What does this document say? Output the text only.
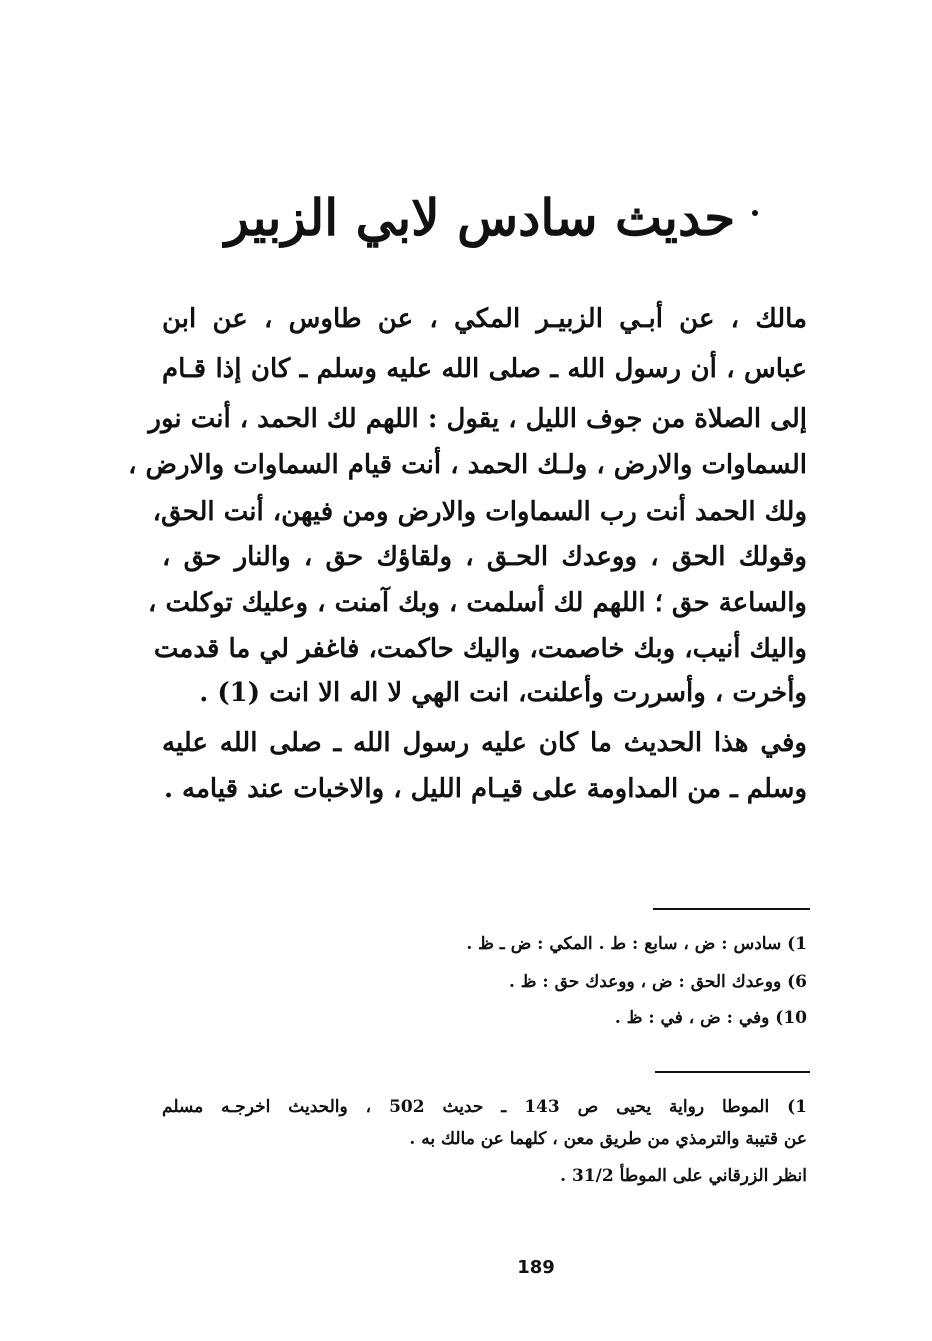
حديث سادس لابي الزبير
مالك ، عن أبـي الزبيـر المكي ، عن طاوس ، عن ابن
عباس ، أن رسول الله ـ صلى الله عليه وسلم ـ كان إذا قـام
إلى الصلاة من جوف الليل ، يقول : اللهم لك الحمد ، أنت نور
السماوات والارض ، ولـك الحمد ، أنت قيام السماوات والارض ،
ولك الحمد أنت رب السماوات والارض ومن فيهن، أنت الحق،
وقولك الحق ، ووعدك الحـق ، ولقاؤك حق ، والنار حق ،
والساعة حق ؛ اللهم لك أسلمت ، وبك آمنت ، وعليك توكلت ،
واليك أنيب، وبك خاصمت، واليك حاكمت، فاغفر لي ما قدمت
وأخرت ، وأسررت وأعلنت، انت الهي لا اله الا انت (1) .
وفي هذا الحديث ما كان عليه رسول الله ـ صلى الله عليه
وسلم ـ من المداومة على قيـام الليل ، والاخبات عند قيامه .
1) سادس : ض ، سابع : ط . المكي : ض ـ ظ .
6) ووعدك الحق : ض ، ووعدك حق : ظ .
10) وفي : ض ، في : ظ .
1) الموطا رواية يحيى ص 143 ـ حديث 502 ، والحديث اخرجـه مسلم
عن قتيبة والترمذي من طريق معن ، كلهما عن مالك به .
انظر الزرقاني على الموطأ 31/2 .
189
